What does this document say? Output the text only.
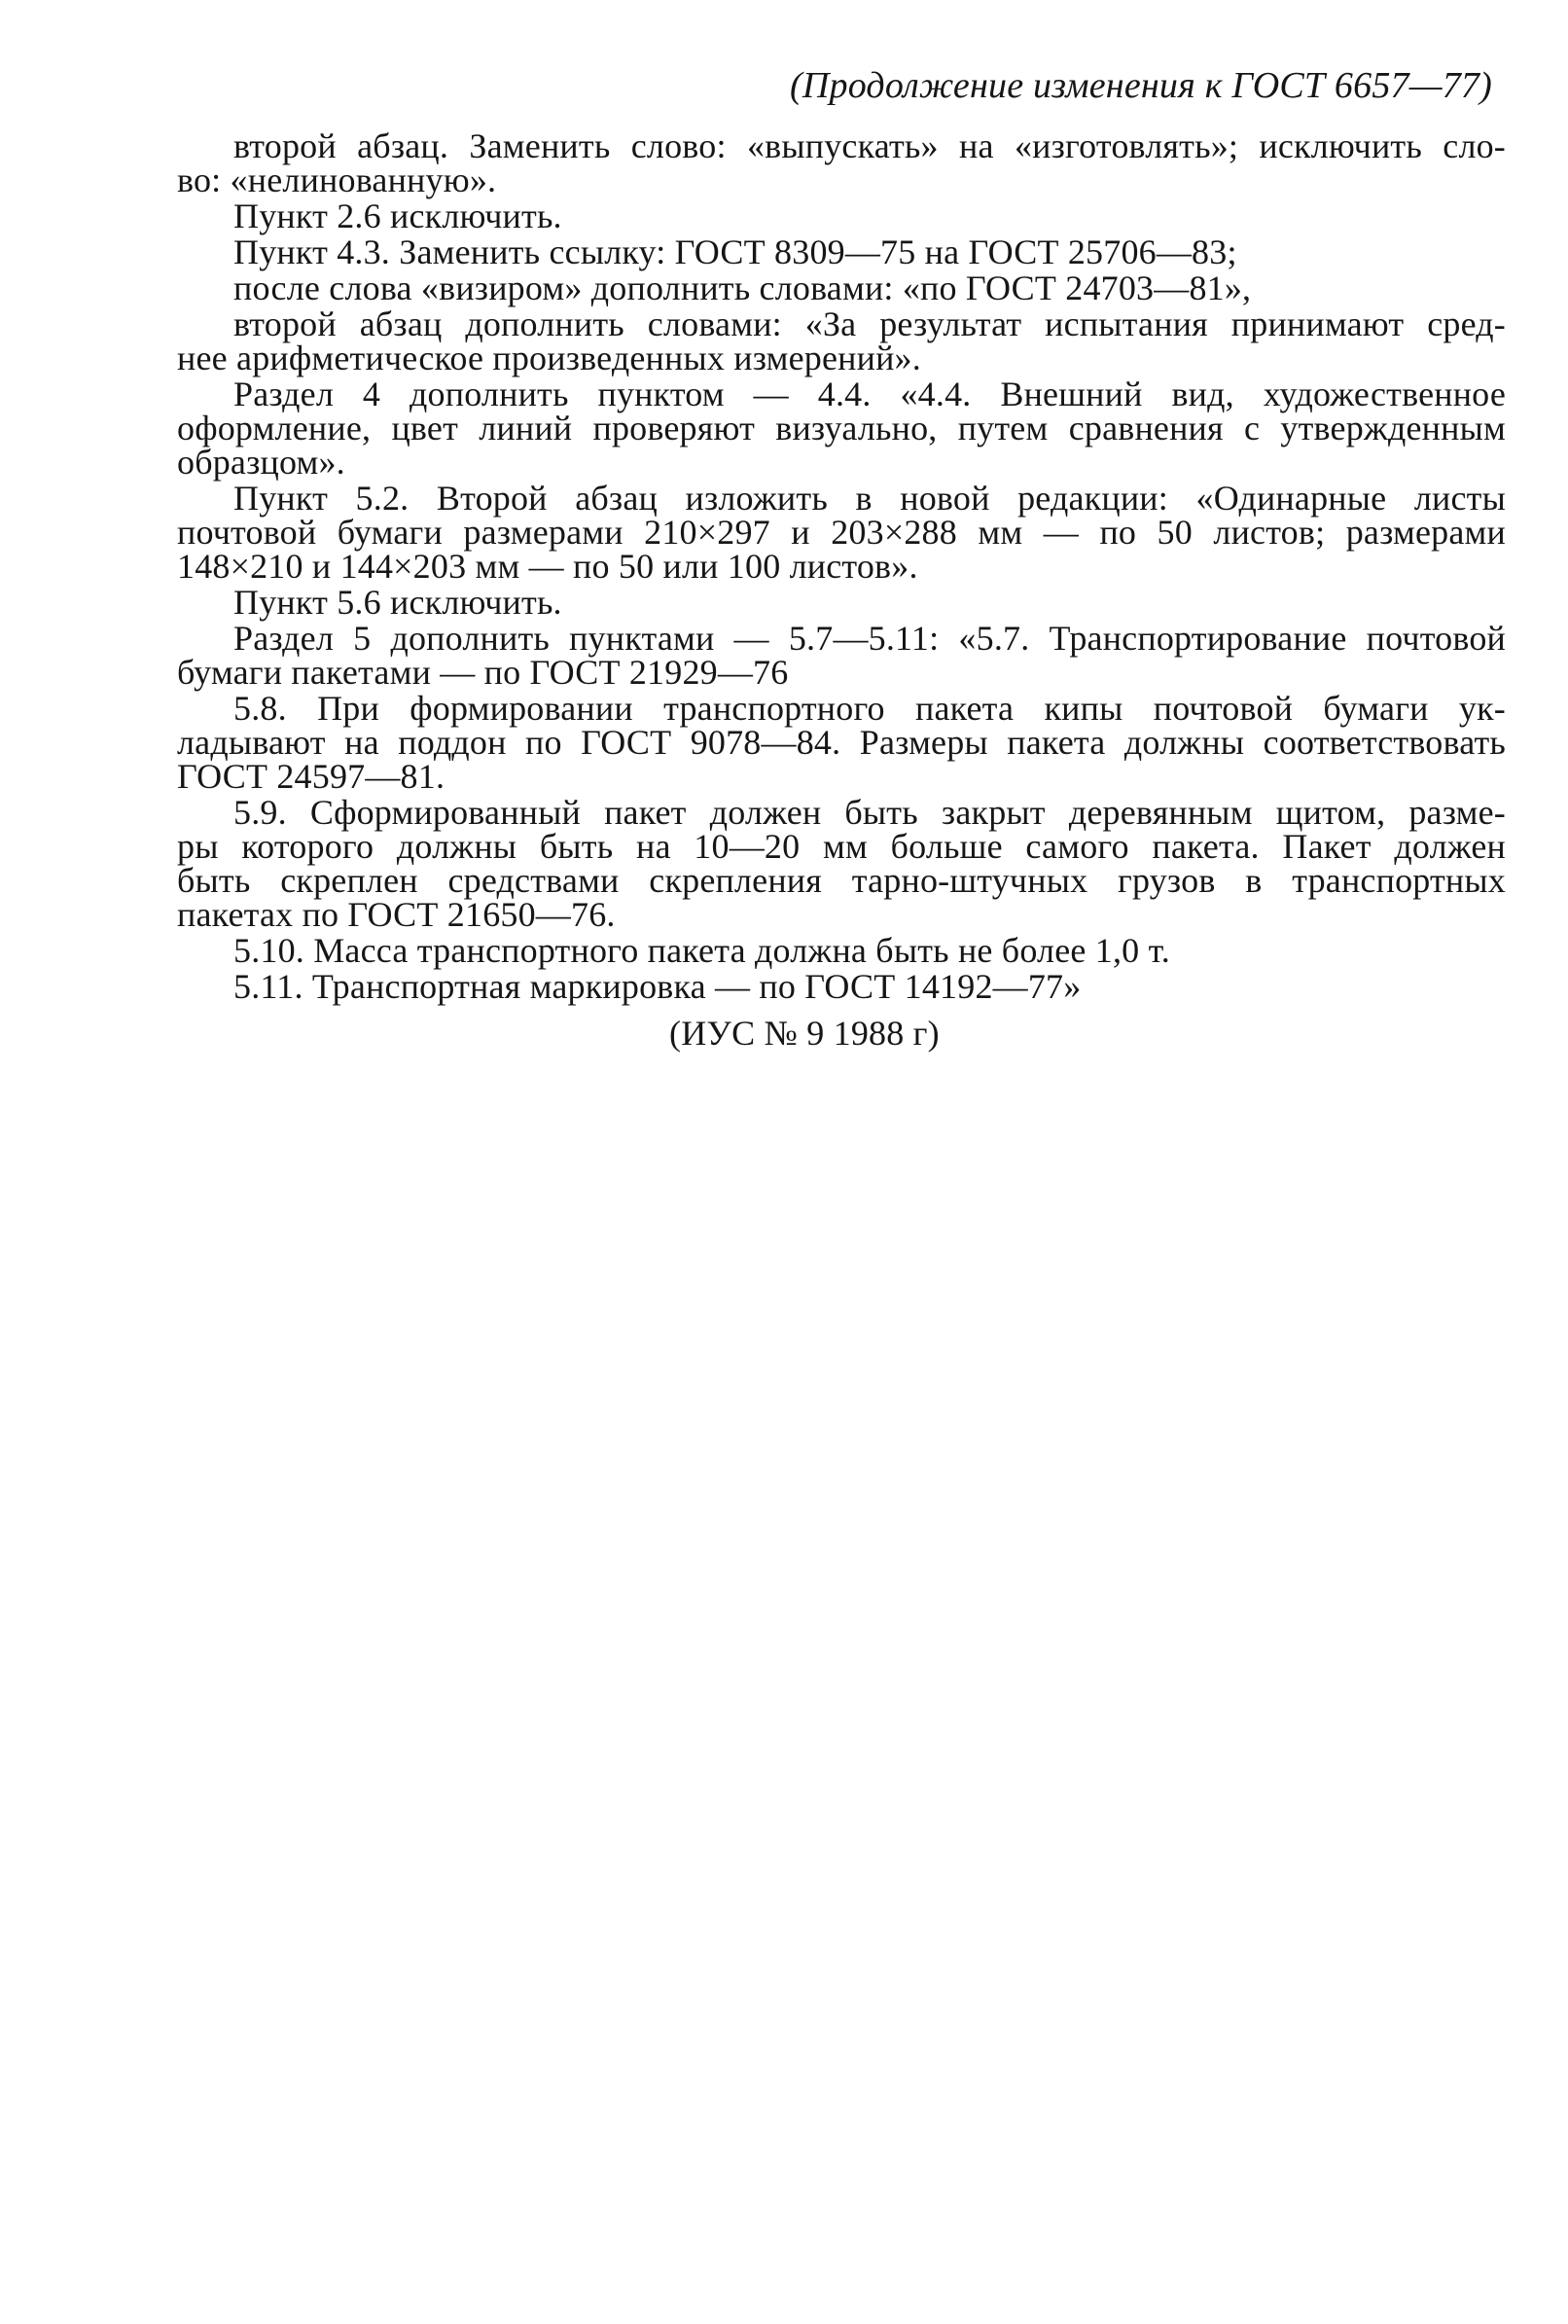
(Продолжение изменения к ГОСТ 6657—77)
второй абзац. Заменить слово: «выпускать» на «изготовлять»; исключить сло-
во: «нелинованную».
Пункт 2.6 исключить.
Пункт 4.3. Заменить ссылку: ГОСТ 8309—75 на ГОСТ 25706—83;
после слова «визиром» дополнить словами: «по ГОСТ 24703—81»,
второй абзац дополнить словами: «За результат испытания принимают сред-
нее арифметическое произведенных измерений».
Раздел 4 дополнить пунктом — 4.4. «4.4. Внешний вид, художественное
оформление, цвет линий проверяют визуально, путем сравнения с утвержденным
образцом».
Пункт 5.2. Второй абзац изложить в новой редакции: «Одинарные листы
почтовой бумаги размерами 210×297 и 203×288 мм — по 50 листов; размерами
148×210 и 144×203 мм — по 50 или 100 листов».
Пункт 5.6 исключить.
Раздел 5 дополнить пунктами — 5.7—5.11: «5.7. Транспортирование почтовой
бумаги пакетами — по ГОСТ 21929—76
5.8. При формировании транспортного пакета кипы почтовой бумаги ук-
ладывают на поддон по ГОСТ 9078—84. Размеры пакета должны соответствовать
ГОСТ 24597—81.
5.9. Сформированный пакет должен быть закрыт деревянным щитом, разме-
ры которого должны быть на 10—20 мм больше самого пакета. Пакет должен
быть скреплен средствами скрепления тарно-штучных грузов в транспортных
пакетах по ГОСТ 21650—76.
5.10. Масса транспортного пакета должна быть не более 1,0 т.
5.11. Транспортная маркировка — по ГОСТ 14192—77»
(ИУС № 9 1988 г)
